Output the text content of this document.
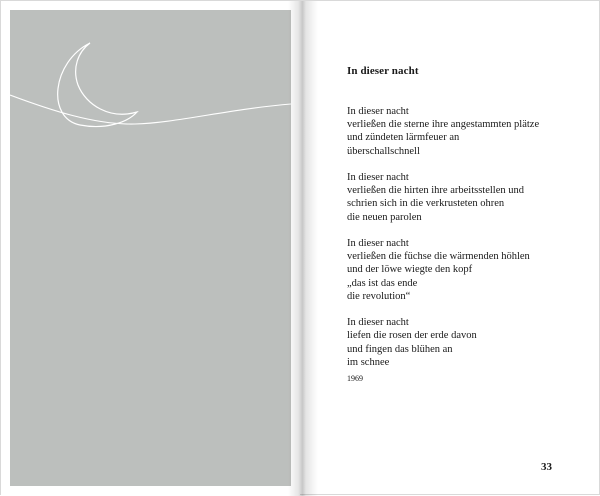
In dieser nacht
In dieser nacht
verließen die sterne ihre angestammten plätze
und zündeten lärmfeuer an
überschallschnell
In dieser nacht
verließen die hirten ihre arbeitsstellen und
schrien sich in die verkrusteten ohren
die neuen parolen
In dieser nacht
verließen die füchse die wärmenden höhlen
und der löwe wiegte den kopf
„das ist das ende
die revolution“
In dieser nacht
liefen die rosen der erde davon
und fingen das blühen an
im schnee
1969
33
